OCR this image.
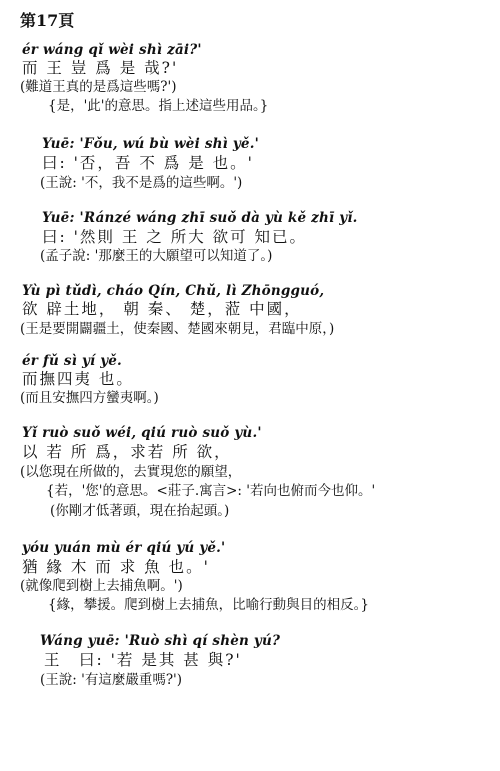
第17頁
ér wáng qǐ wèi shì zāi?'
而 王 豈 爲 是 哉?'
(難道王真的是爲這些嗎?')
{是，'此'的意思。指上述這些用品。}
Yuē: 'Fǒu, wú bù wèi shì yě.'
曰: '否，吾 不 爲 是 也。'
(王說: '不，我不是爲的這些啊。')
Yuē: 'Ránzé wáng zhī suǒ dà yù kě zhī yǐ.
曰: '然則 王 之 所大 欲可 知已。
(孟子說: '那麼王的大願望可以知道了。)
Yù pì tǔdì, cháo Qín, Chǔ, lì Zhōngguó,
欲 辟土地， 朝 秦、 楚，蒞 中國，
(王是要開闢疆土，使秦國、楚國來朝見，君臨中原，)
ér fǔ sì yí yě.
而撫四夷 也。
(而且安撫四方蠻夷啊。)
Yǐ ruò suǒ wéi, qiú ruò suǒ yù.'
以 若 所 爲，求若 所 欲，
(以您現在所做的，去實現您的願望，
{若，'您'的意思。<莊子.寓言>: '若向也俯而今也仰。'
(你剛才低著頭，現在抬起頭。)
yóu yuán mù ér qiú yú yě.'
猶 緣 木 而 求 魚 也。'
(就像爬到樹上去捕魚啊。')
{緣，攀援。爬到樹上去捕魚，比喻行動與目的相反。}
Wáng yuē: 'Ruò shì qí shèn yú?
王　曰: '若 是其 甚 與?'
(王說: '有這麼嚴重嗎?')
